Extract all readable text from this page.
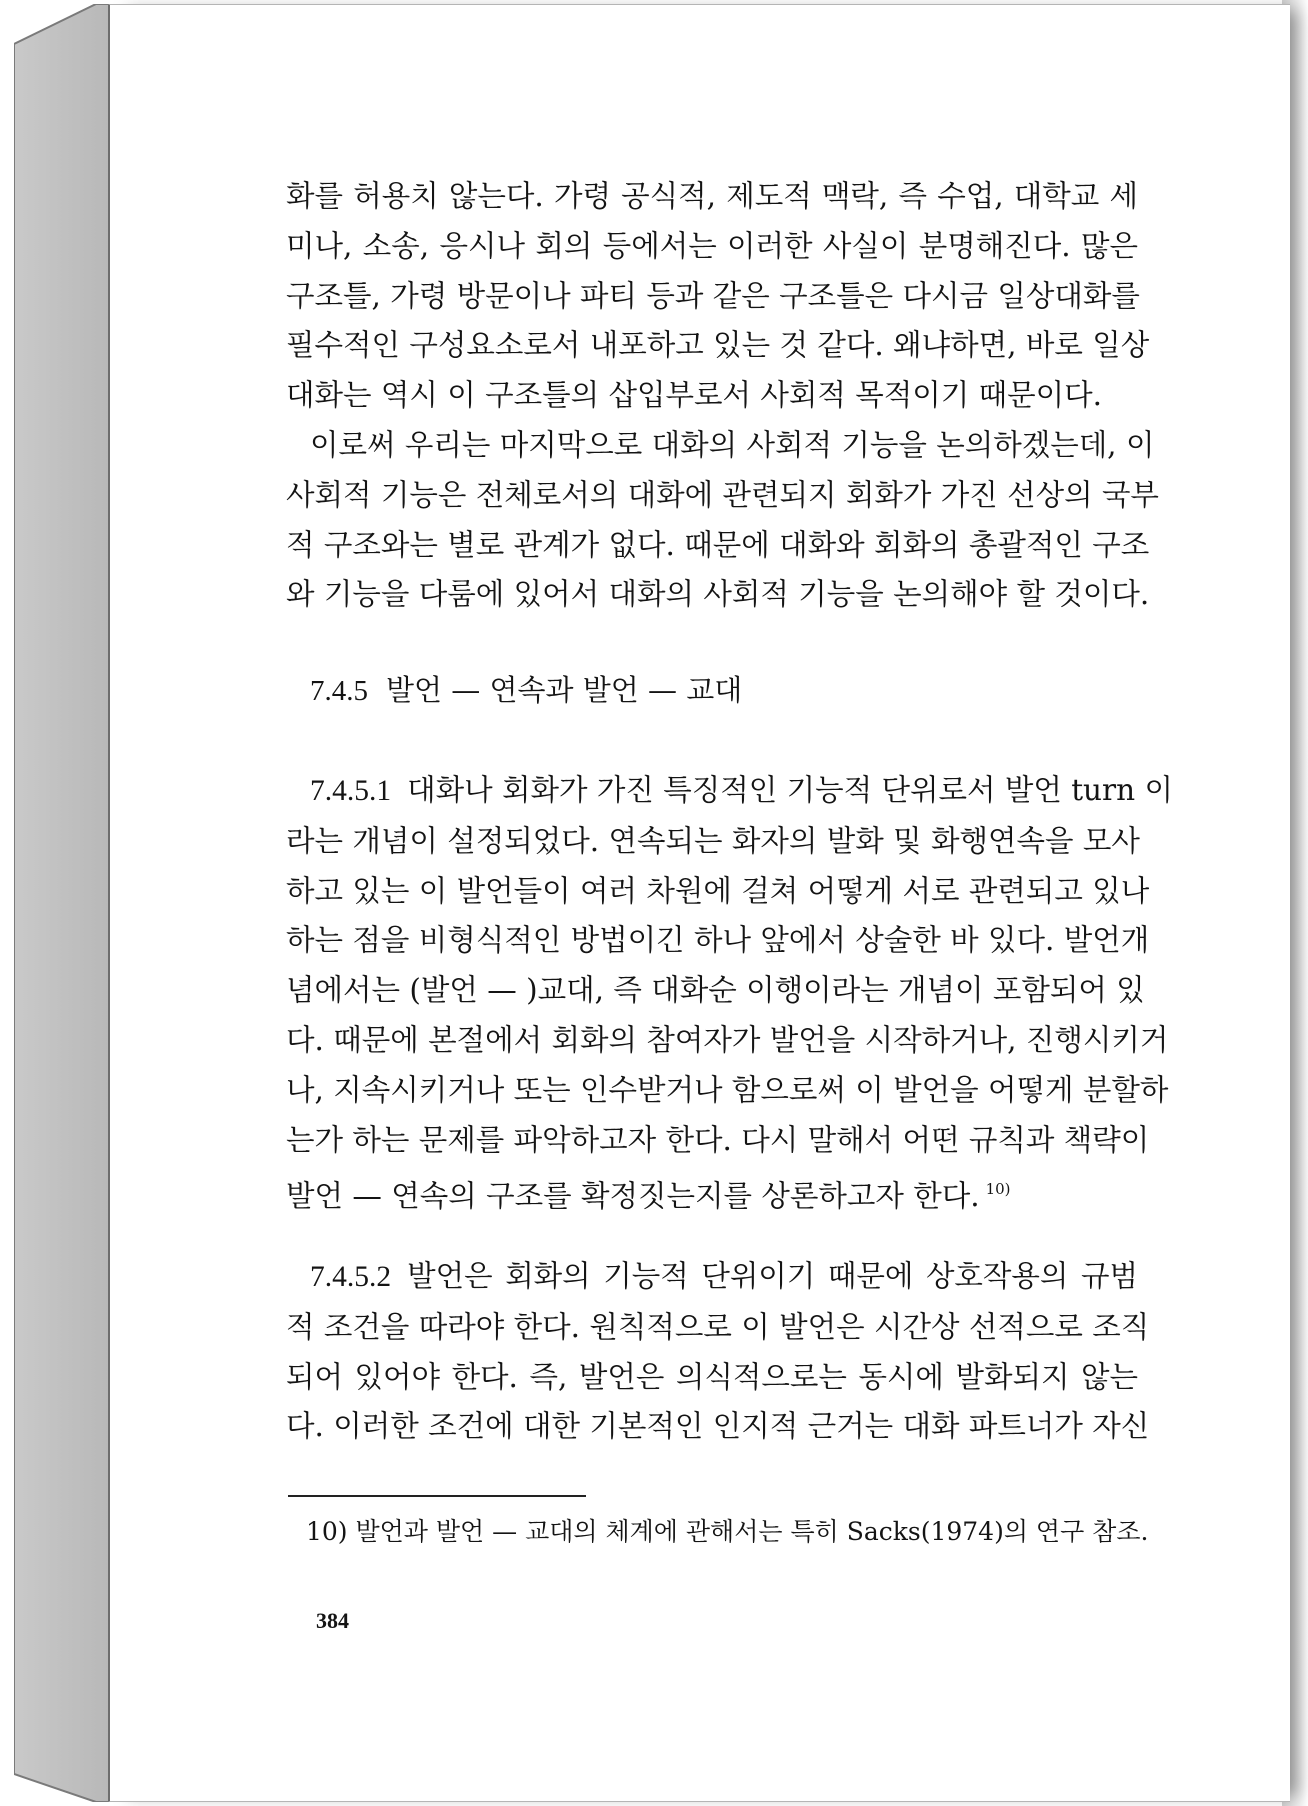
화를 허용치 않는다. 가령 공식적, 제도적 맥락, 즉 수업, 대학교 세
미나, 소송, 응시나 회의 등에서는 이러한 사실이 분명해진다. 많은
구조틀, 가령 방문이나 파티 등과 같은 구조틀은 다시금 일상대화를
필수적인 구성요소로서 내포하고 있는 것 같다. 왜냐하면, 바로 일상
대화는 역시 이 구조틀의 삽입부로서 사회적 목적이기 때문이다.

이로써 우리는 마지막으로 대화의 사회적 기능을 논의하겠는데, 이
사회적 기능은 전체로서의 대화에 관련되지 회화가 가진 선상의 국부
적 구조와는 별로 관계가 없다. 때문에 대화와 회화의 총괄적인 구조
와 기능을 다룸에 있어서 대화의 사회적 기능을 논의해야 할 것이다.

7.4.5 발언 — 연속과 발언 — 교대

7.4.5.1 대화나 회화가 가진 특징적인 기능적 단위로서 발언 turn 이
라는 개념이 설정되었다. 연속되는 화자의 발화 및 화행연속을 모사
하고 있는 이 발언들이 여러 차원에 걸쳐 어떻게 서로 관련되고 있나
하는 점을 비형식적인 방법이긴 하나 앞에서 상술한 바 있다. 발언개
념에서는 (발언 — )교대, 즉 대화순 이행이라는 개념이 포함되어 있
다. 때문에 본절에서 회화의 참여자가 발언을 시작하거나, 진행시키거
나, 지속시키거나 또는 인수받거나 함으로써 이 발언을 어떻게 분할하
는가 하는 문제를 파악하고자 한다. 다시 말해서 어떤 규칙과 책략이
발언 — 연속의 구조를 확정짓는지를 상론하고자 한다. $^{10)}$

7.4.5.2 발언은 회화의 기능적 단위이기 때문에 상호작용의 규범
적 조건을 따라야 한다. 원칙적으로 이 발언은 시간상 선적으로 조직
되어 있어야 한다. 즉, 발언은 의식적으로는 동시에 발화되지 않는
다. 이러한 조건에 대한 기본적인 인지적 근거는 대화 파트너가 자신

10) 발언과 발언 — 교대의 체계에 관해서는 특히 Sacks(1974)의 연구 참조.
384
